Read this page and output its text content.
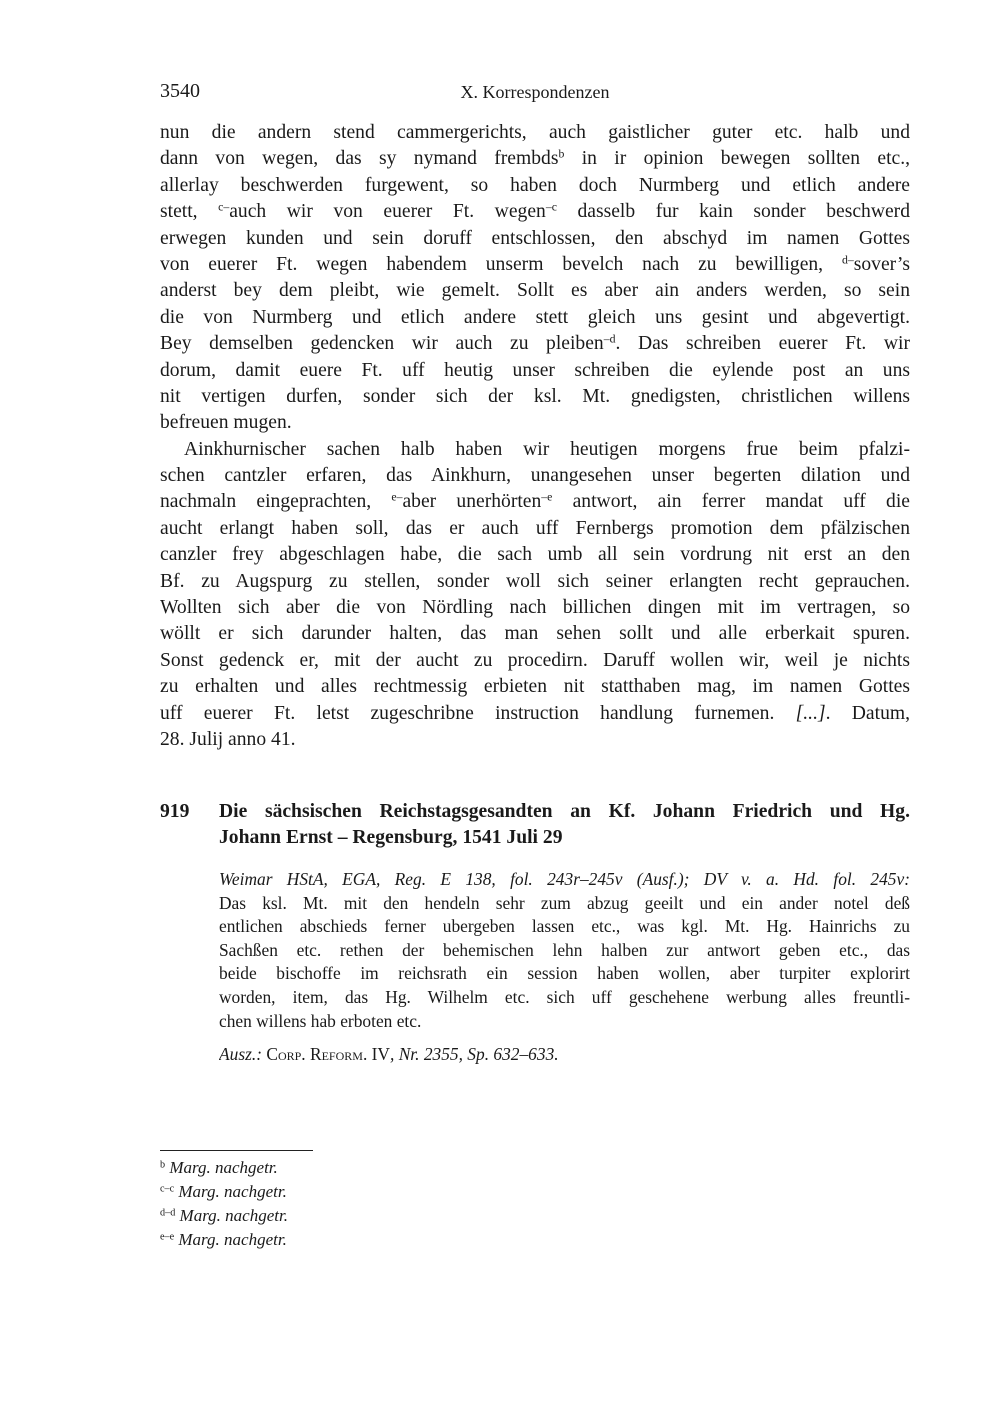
3540	X. Korrespondenzen
nun die andern stend cammergerichts, auch gaistlicher guter etc. halb und
dann von wegen, das sy nymand frembds$^b$ in ir opinion bewegen sollten etc.,
allerlay beschwerden furgewent, so haben doch Nurmberg und etlich andere
stett, $^{c-}$auch wir von euerer Ft. wegen$^{-c}$ dasselb fur kain sonder beschwerd
erwegen kunden und sein doruff entschlossen, den abschyd im namen Gottes
von euerer Ft. wegen habendem unserm bevelch nach zu bewilligen, $^{d-}$sover’s
anderst bey dem pleibt, wie gemelt. Sollt es aber ain anders werden, so sein
die von Nurmberg und etlich andere stett gleich uns gesint und abgevertigt.
Bey demselben gedencken wir auch zu pleiben$^{-d}$. Das schreiben euerer Ft. wir
dorum, damit euere Ft. uff heutig unser schreiben die eylende post an uns
nit vertigen durfen, sonder sich der ksl. Mt. gnedigsten, christlichen willens
befreuen mugen.
Ainkhurnischer sachen halb haben wir heutigen morgens frue beim pfalzi-
schen cantzler erfaren, das Ainkhurn, unangesehen unser begerten dilation und
nachmaln eingeprachten, $^{e-}$aber unerhörten$^{-e}$ antwort, ain ferrer mandat uff die
aucht erlangt haben soll, das er auch uff Fernbergs promotion dem pfälzischen
canzler frey abgeschlagen habe, die sach umb all sein vordrung nit erst an den
Bf. zu Augspurg zu stellen, sonder woll sich seiner erlangten recht geprauchen.
Wollten sich aber die von Nördling nach billichen dingen mit im vertragen, so
wöllt er sich darunder halten, das man sehen sollt und alle erberkait spuren.
Sonst gedenck er, mit der aucht zu procedirn. Daruff wollen wir, weil je nichts
zu erhalten und alles rechtmessig erbieten nit statthaben mag, im namen Gottes
uff euerer Ft. letst zugeschribne instruction handlung furnemen. [...]. Datum,
28. Julij anno 41.
919 Die sächsischen Reichstagsgesandten an Kf. Johann Friedrich und Hg.
Johann Ernst – Regensburg, 1541 Juli 29
Weimar HStA, EGA, Reg. E 138, fol. 243r–245v (Ausf.); DV v. a. Hd. fol. 245v:
Das ksl. Mt. mit den hendeln sehr zum abzug geeilt und ein ander notel deß
entlichen abschieds ferner ubergeben lassen etc., was kgl. Mt. Hg. Hainrichs zu
Sachßen etc. rethen der behemischen lehn halben zur antwort geben etc., das
beide bischoffe im reichsrath ein session haben wollen, aber turpiter explorirt
worden, item, das Hg. Wilhelm etc. sich uff geschehene werbung alles freuntli-
chen willens hab erboten etc.
Ausz.: Corp. Reform. IV, Nr. 2355, Sp. 632–633.
$^b$ Marg. nachgetr.
$^{c-c}$ Marg. nachgetr.
$^{d-d}$ Marg. nachgetr.
$^{e-e}$ Marg. nachgetr.
